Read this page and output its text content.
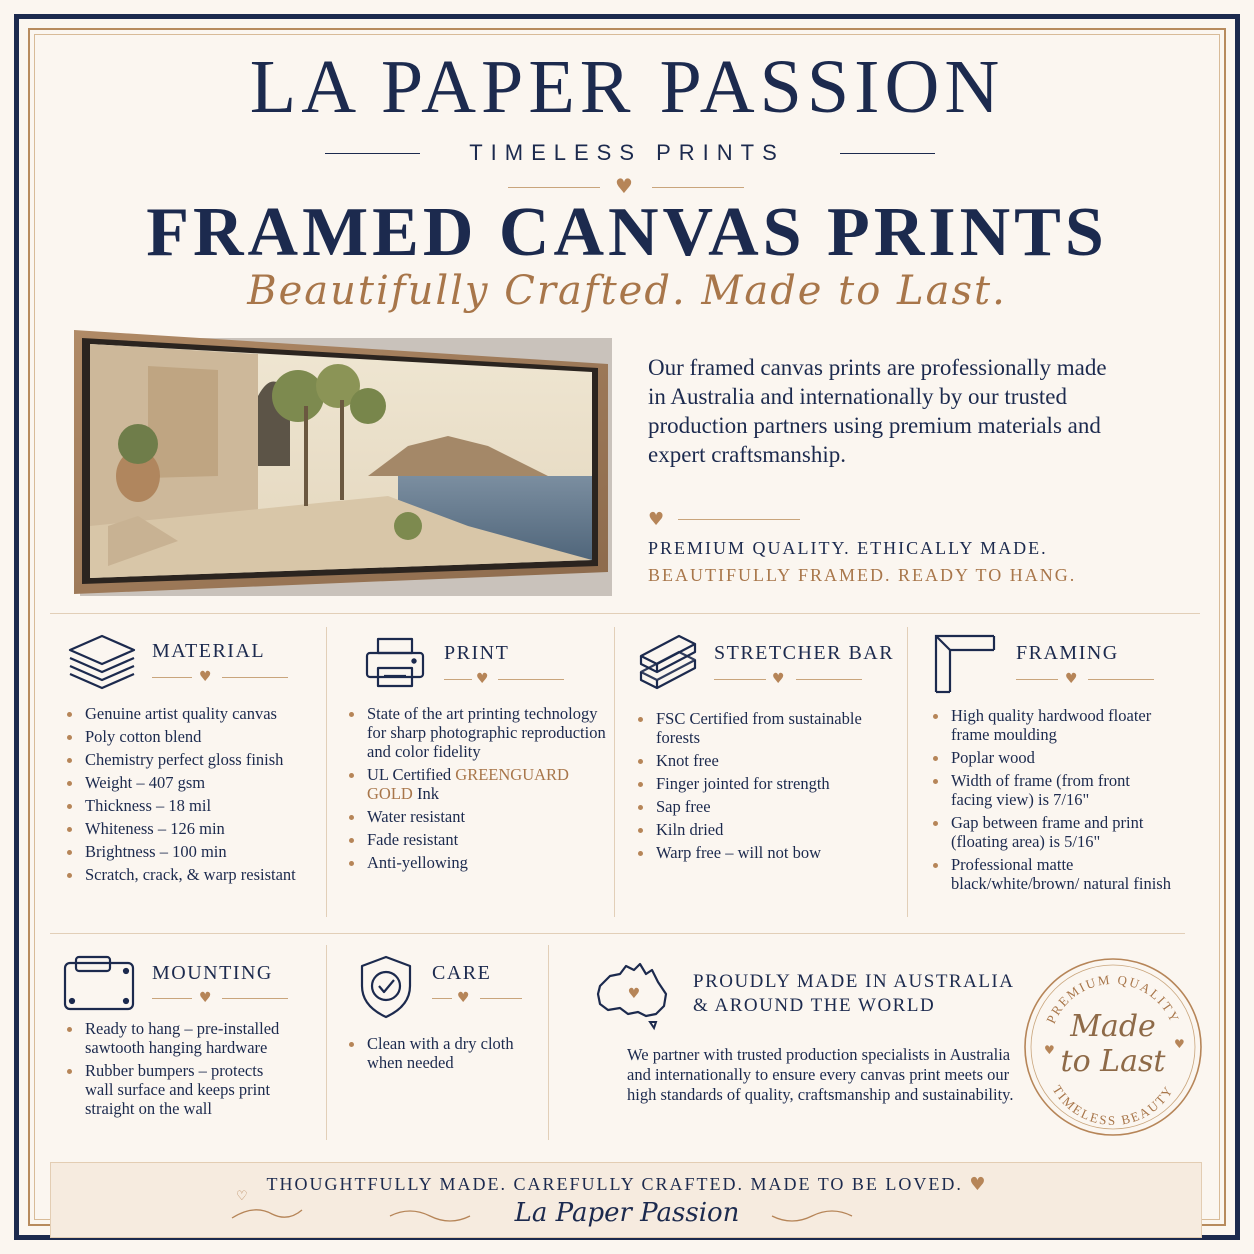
LA PAPER PASSION
TIMELESS PRINTS
♥
FRAMED CANVAS PRINTS
Beautifully Crafted. Made to Last.
Our framed canvas prints are professionally made in Australia and internationally by our trusted production partners using premium materials and expert craftsmanship.
♥
PREMIUM QUALITY. ETHICALLY MADE.
BEAUTIFULLY FRAMED. READY TO HANG.
MATERIAL
♥
Genuine artist quality canvas
Poly cotton blend
Chemistry perfect gloss finish
Weight – 407 gsm
Thickness – 18 mil
Whiteness – 126 min
Brightness – 100 min
Scratch, crack, & warp resistant
PRINT
♥
State of the art printing technology for sharp photographic reproduction and color fidelity
UL Certified GREENGUARD GOLD Ink
Water resistant
Fade resistant
Anti-yellowing
STRETCHER BAR
♥
FSC Certified from sustainable forests
Knot free
Finger jointed for strength
Sap free
Kiln dried
Warp free – will not bow
FRAMING
♥
High quality hardwood floater frame moulding
Poplar wood
Width of frame (from front facing view) is 7/16"
Gap between frame and print (floating area) is 5/16"
Professional matte black/white/brown/ natural finish
MOUNTING
♥
Ready to hang – pre-installed sawtooth hanging hardware
Rubber bumpers – protects wall surface and keeps print straight on the wall
CARE
♥
Clean with a dry cloth when needed
♥
PROUDLY MADE IN AUSTRALIA
& AROUND THE WORLD
We partner with trusted production specialists in Australia and internationally to ensure every canvas print meets our high standards of quality, craftsmanship and sustainability.
PREMIUM QUALITY
TIMELESS BEAUTY
Made
to Last
♥	♥
THOUGHTFULLY MADE. CAREFULLY CRAFTED. MADE TO BE LOVED. ♥
♡
La Paper Passion
